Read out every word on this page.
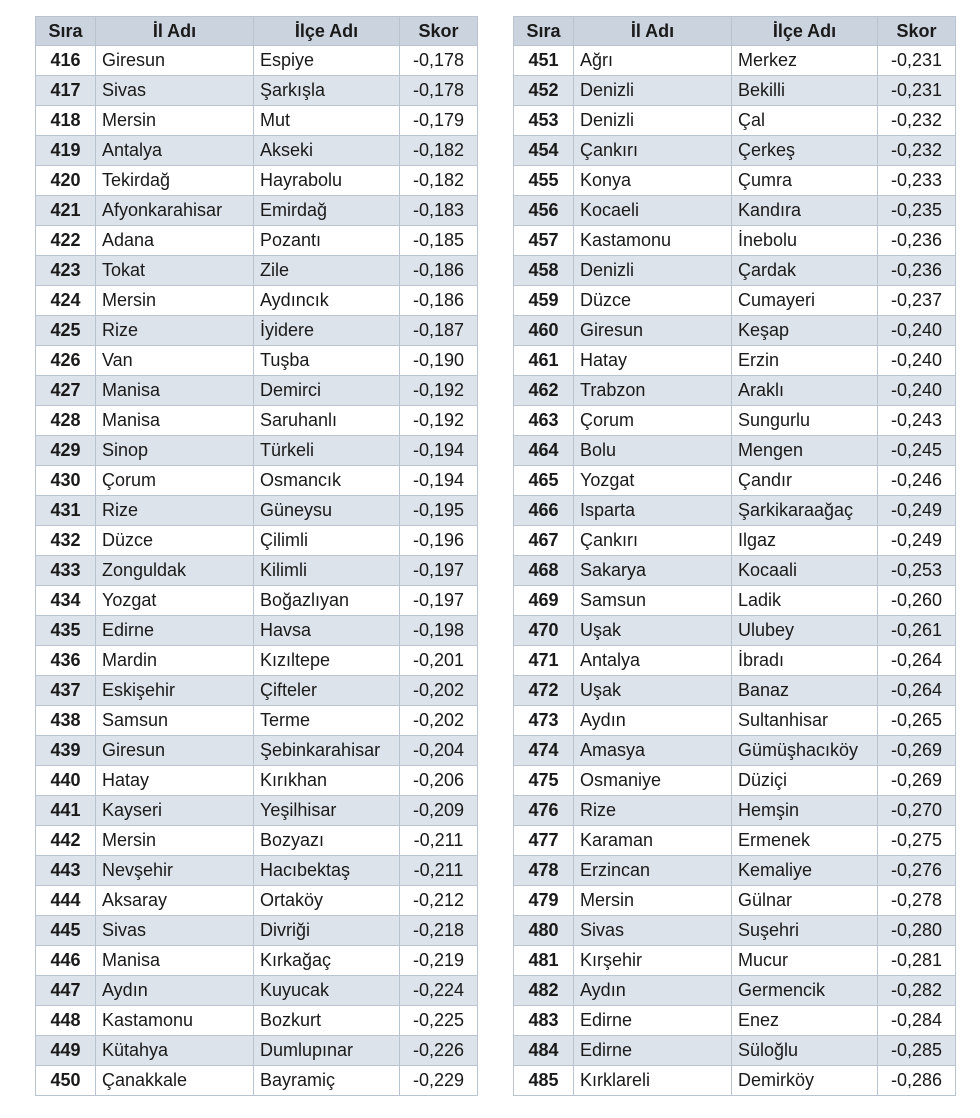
Sıra	İl Adı	İlçe Adı	Skor
416	Giresun	Espiye	-0,178
417	Sivas	Şarkışla	-0,178
418	Mersin	Mut	-0,179
419	Antalya	Akseki	-0,182
420	Tekirdağ	Hayrabolu	-0,182
421	Afyonkarahisar	Emirdağ	-0,183
422	Adana	Pozantı	-0,185
423	Tokat	Zile	-0,186
424	Mersin	Aydıncık	-0,186
425	Rize	İyidere	-0,187
426	Van	Tuşba	-0,190
427	Manisa	Demirci	-0,192
428	Manisa	Saruhanlı	-0,192
429	Sinop	Türkeli	-0,194
430	Çorum	Osmancık	-0,194
431	Rize	Güneysu	-0,195
432	Düzce	Çilimli	-0,196
433	Zonguldak	Kilimli	-0,197
434	Yozgat	Boğazlıyan	-0,197
435	Edirne	Havsa	-0,198
436	Mardin	Kızıltepe	-0,201
437	Eskişehir	Çifteler	-0,202
438	Samsun	Terme	-0,202
439	Giresun	Şebinkarahisar	-0,204
440	Hatay	Kırıkhan	-0,206
441	Kayseri	Yeşilhisar	-0,209
442	Mersin	Bozyazı	-0,211
443	Nevşehir	Hacıbektaş	-0,211
444	Aksaray	Ortaköy	-0,212
445	Sivas	Divriği	-0,218
446	Manisa	Kırkağaç	-0,219
447	Aydın	Kuyucak	-0,224
448	Kastamonu	Bozkurt	-0,225
449	Kütahya	Dumlupınar	-0,226
450	Çanakkale	Bayramiç	-0,229
Sıra	İl Adı	İlçe Adı	Skor
451	Ağrı	Merkez	-0,231
452	Denizli	Bekilli	-0,231
453	Denizli	Çal	-0,232
454	Çankırı	Çerkeş	-0,232
455	Konya	Çumra	-0,233
456	Kocaeli	Kandıra	-0,235
457	Kastamonu	İnebolu	-0,236
458	Denizli	Çardak	-0,236
459	Düzce	Cumayeri	-0,237
460	Giresun	Keşap	-0,240
461	Hatay	Erzin	-0,240
462	Trabzon	Araklı	-0,240
463	Çorum	Sungurlu	-0,243
464	Bolu	Mengen	-0,245
465	Yozgat	Çandır	-0,246
466	Isparta	Şarkikaraağaç	-0,249
467	Çankırı	Ilgaz	-0,249
468	Sakarya	Kocaali	-0,253
469	Samsun	Ladik	-0,260
470	Uşak	Ulubey	-0,261
471	Antalya	İbradı	-0,264
472	Uşak	Banaz	-0,264
473	Aydın	Sultanhisar	-0,265
474	Amasya	Gümüşhacıköy	-0,269
475	Osmaniye	Düziçi	-0,269
476	Rize	Hemşin	-0,270
477	Karaman	Ermenek	-0,275
478	Erzincan	Kemaliye	-0,276
479	Mersin	Gülnar	-0,278
480	Sivas	Suşehri	-0,280
481	Kırşehir	Mucur	-0,281
482	Aydın	Germencik	-0,282
483	Edirne	Enez	-0,284
484	Edirne	Süloğlu	-0,285
485	Kırklareli	Demirköy	-0,286
